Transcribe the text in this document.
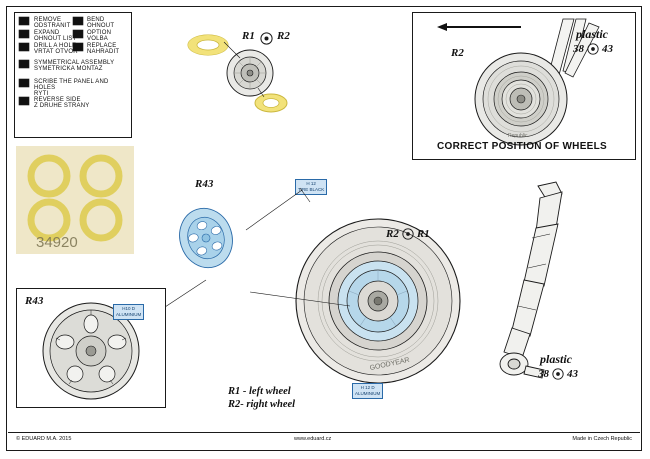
REMOVE
ODSTRANIT
BEND
OHNOUT
EXPAND
OHNOUT LIST
OPTION
VOLBA
DRILL A HOLE
VRTAT OTVOR
REPLACE
NAHRADIT
SYMMETRICAL ASSEMBLY
SYMETRICKA MONTAZ
SCRIBE THE PANEL AND HOLES
RYTI
REVERSE SIDE
Z DRUHE STRANY
34920
R1 R2
Republic
R2
plastic
38 43
CORRECT POSITION OF WHEELS
R43
GOODYEAR
H 12
TIRE BLACK
H 12 D
ALUMINIUM
R2 R1
R43
H10 D
ALUMINIUM
plastic
38 43
R1 - left wheel
R2- right wheel
© EDUARD M.A. 2015	www.eduard.cz	Made in Czech Republic
